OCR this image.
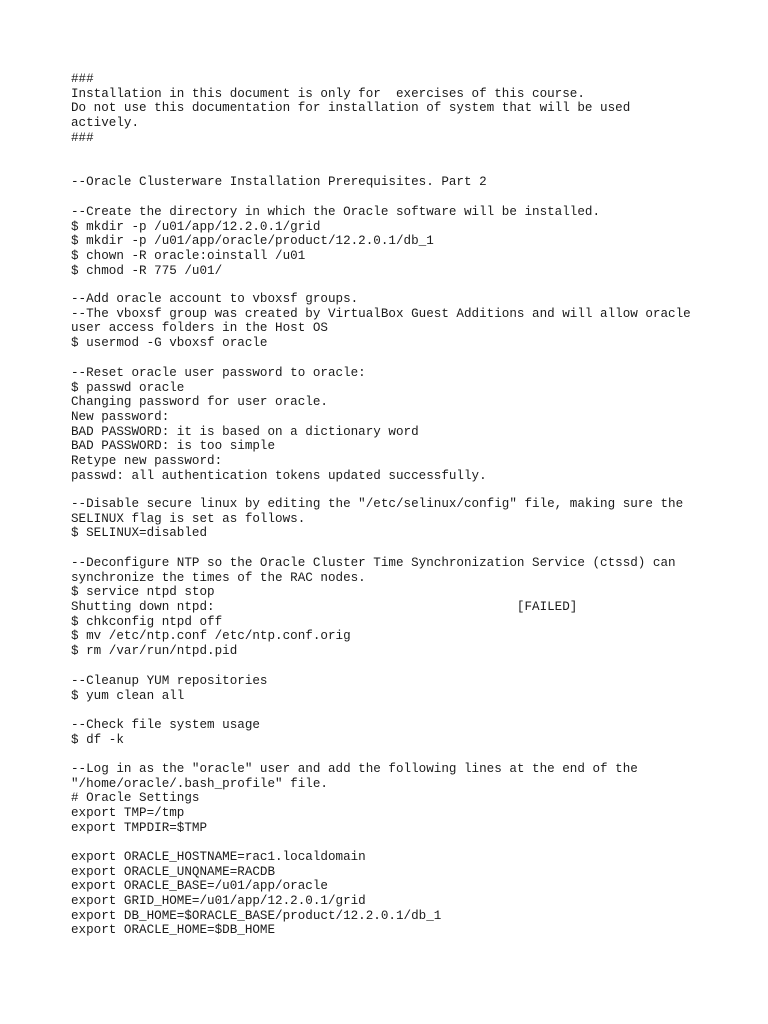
###
Installation in this document is only for  exercises of this course.
Do not use this documentation for installation of system that will be used
actively.
###
--Oracle Clusterware Installation Prerequisites. Part 2
--Create the directory in which the Oracle software will be installed.
$ mkdir -p /u01/app/12.2.0.1/grid
$ mkdir -p /u01/app/oracle/product/12.2.0.1/db_1
$ chown -R oracle:oinstall /u01
$ chmod -R 775 /u01/
--Add oracle account to vboxsf groups.
--The vboxsf group was created by VirtualBox Guest Additions and will allow oracle
user access folders in the Host OS
$ usermod -G vboxsf oracle
--Reset oracle user password to oracle:
$ passwd oracle
Changing password for user oracle.
New password:
BAD PASSWORD: it is based on a dictionary word
BAD PASSWORD: is too simple
Retype new password:
passwd: all authentication tokens updated successfully.
--Disable secure linux by editing the "/etc/selinux/config" file, making sure the
SELINUX flag is set as follows.
$ SELINUX=disabled
--Deconfigure NTP so the Oracle Cluster Time Synchronization Service (ctssd) can
synchronize the times of the RAC nodes.
$ service ntpd stop
Shutting down ntpd:                                        [FAILED]
$ chkconfig ntpd off
$ mv /etc/ntp.conf /etc/ntp.conf.orig
$ rm /var/run/ntpd.pid
--Cleanup YUM repositories
$ yum clean all
--Check file system usage
$ df -k
--Log in as the "oracle" user and add the following lines at the end of the
"/home/oracle/.bash_profile" file.
# Oracle Settings
export TMP=/tmp
export TMPDIR=$TMP
export ORACLE_HOSTNAME=rac1.localdomain
export ORACLE_UNQNAME=RACDB
export ORACLE_BASE=/u01/app/oracle
export GRID_HOME=/u01/app/12.2.0.1/grid
export DB_HOME=$ORACLE_BASE/product/12.2.0.1/db_1
export ORACLE_HOME=$DB_HOME
